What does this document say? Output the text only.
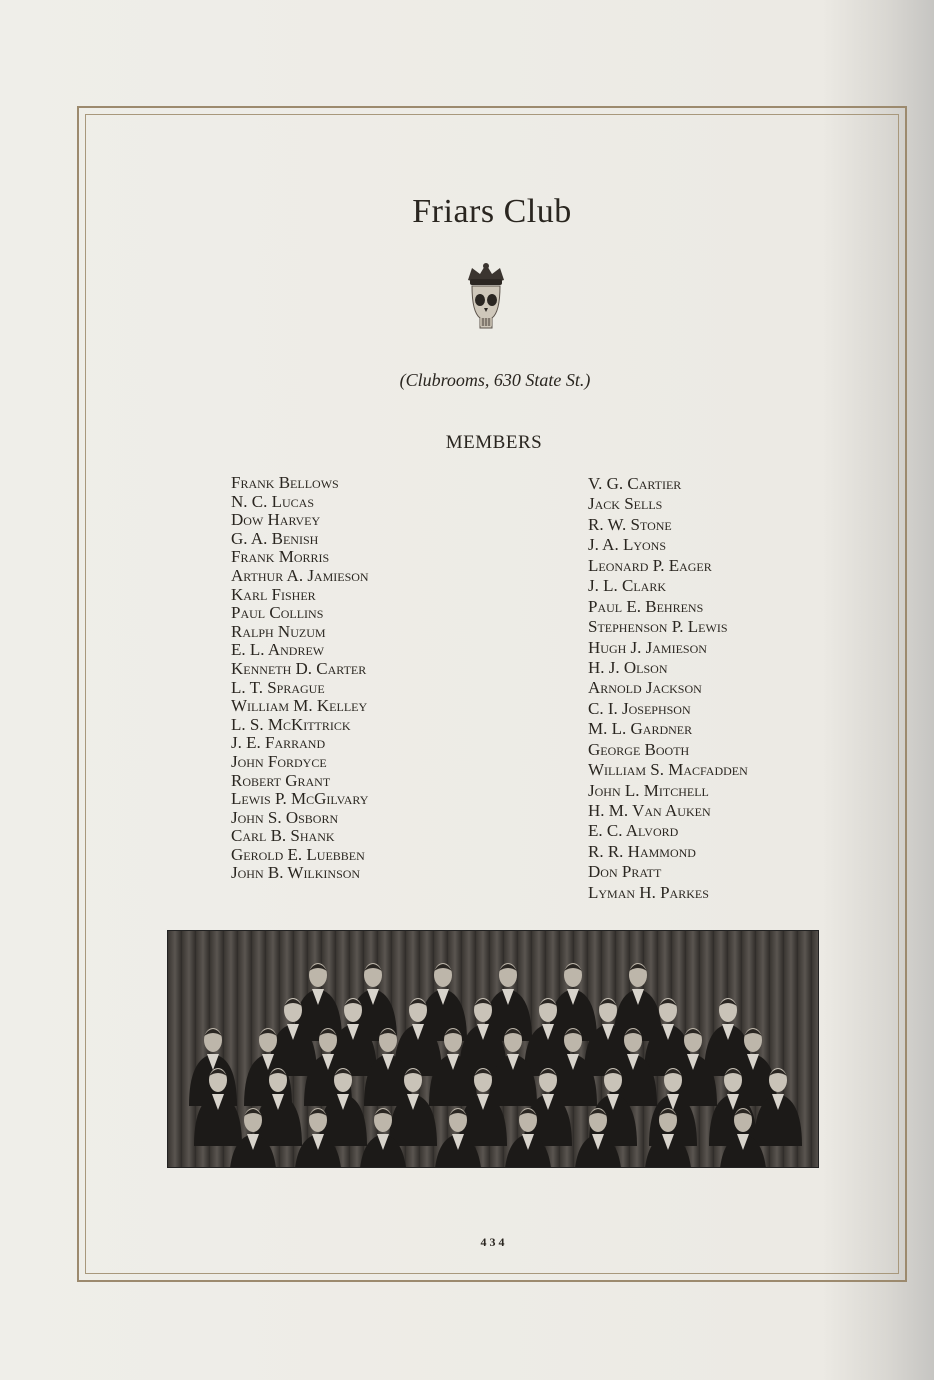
Friars Club
(Clubrooms, 630 State St.)
MEMBERS
Frank Bellows
N. C. Lucas
Dow Harvey
G. A. Benish
Frank Morris
Arthur A. Jamieson
Karl Fisher
Paul Collins
Ralph Nuzum
E. L. Andrew
Kenneth D. Carter
L. T. Sprague
William M. Kelley
L. S. McKittrick
J. E. Farrand
John Fordyce
Robert Grant
Lewis P. McGilvary
John S. Osborn
Carl B. Shank
Gerold E. Luebben
John B. Wilkinson
V. G. Cartier
Jack Sells
R. W. Stone
J. A. Lyons
Leonard P. Eager
J. L. Clark
Paul E. Behrens
Stephenson P. Lewis
Hugh J. Jamieson
H. J. Olson
Arnold Jackson
C. I. Josephson
M. L. Gardner
George Booth
William S. Macfadden
John L. Mitchell
H. M. Van Auken
E. C. Alvord
R. R. Hammond
Don Pratt
Lyman H. Parkes
434
